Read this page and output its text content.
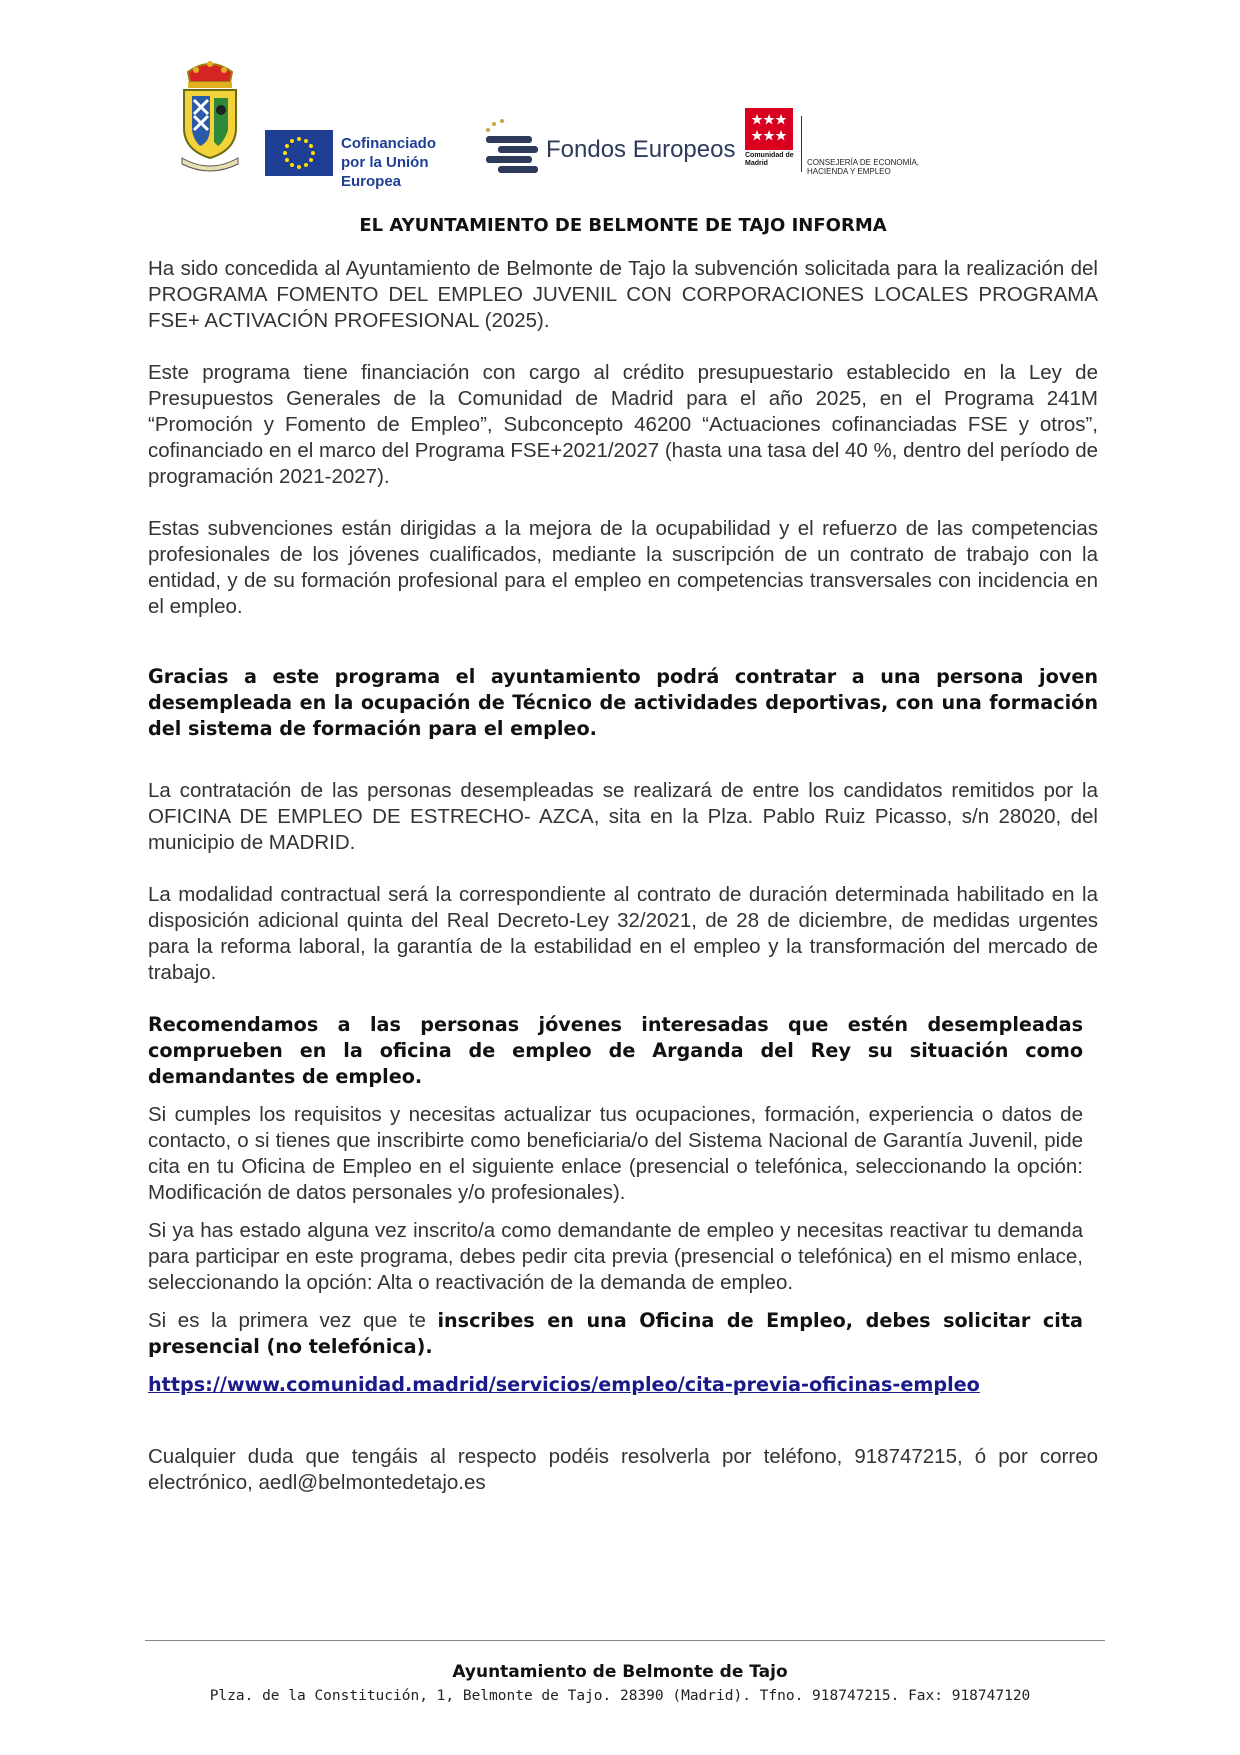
Cofinanciado por la Unión Europea
Fondos Europeos Comunidad de Madrid	CONSEJERÍA DE ECONOMÍA, HACIENDA Y EMPLEO
EL AYUNTAMIENTO DE BELMONTE DE TAJO INFORMA

Ha sido concedida al Ayuntamiento de Belmonte de Tajo la subvención solicitada para la realización del PROGRAMA FOMENTO DEL EMPLEO JUVENIL CON CORPORACIONES LOCALES PROGRAMA FSE+ ACTIVACIÓN PROFESIONAL (2025).

Este programa tiene financiación con cargo al crédito presupuestario establecido en la Ley de Presupuestos Generales de la Comunidad de Madrid para el año 2025, en el Programa 241M “Promoción y Fomento de Empleo”, Subconcepto 46200 “Actuaciones cofinanciadas FSE y otros”, cofinanciado en el marco del Programa FSE+2021/2027 (hasta una tasa del 40 %, dentro del período de programación 2021-2027).

Estas subvenciones están dirigidas a la mejora de la ocupabilidad y el refuerzo de las competencias profesionales de los jóvenes cualificados, mediante la suscripción de un contrato de trabajo con la entidad, y de su formación profesional para el empleo en competencias transversales con incidencia en el empleo.

Gracias a este programa el ayuntamiento podrá contratar a una persona joven desempleada en la ocupación de Técnico de actividades deportivas, con una formación del sistema de formación para el empleo.

La contratación de las personas desempleadas se realizará de entre los candidatos remitidos por la OFICINA DE EMPLEO DE ESTRECHO- AZCA, sita en la Plza. Pablo Ruiz Picasso, s/n 28020, del municipio de MADRID.

La modalidad contractual será la correspondiente al contrato de duración determinada habilitado en la disposición adicional quinta del Real Decreto-Ley 32/2021, de 28 de diciembre, de medidas urgentes para la reforma laboral, la garantía de la estabilidad en el empleo y la transformación del mercado de trabajo.

Recomendamos a las personas jóvenes interesadas que estén desempleadas comprueben en la oficina de empleo de Arganda del Rey su situación como demandantes de empleo.

Si cumples los requisitos y necesitas actualizar tus ocupaciones, formación, experiencia o datos de contacto, o si tienes que inscribirte como beneficiaria/o del Sistema Nacional de Garantía Juvenil, pide cita en tu Oficina de Empleo en el siguiente enlace (presencial o telefónica, seleccionando la opción: Modificación de datos personales y/o profesionales).

Si ya has estado alguna vez inscrito/a como demandante de empleo y necesitas reactivar tu demanda para participar en este programa, debes pedir cita previa (presencial o telefónica) en el mismo enlace, seleccionando la opción: Alta o reactivación de la demanda de empleo.

Si es la primera vez que te inscribes en una Oficina de Empleo, debes solicitar cita presencial (no telefónica).

https://www.comunidad.madrid/servicios/empleo/cita-previa-oficinas-empleo

Cualquier duda que tengáis al respecto podéis resolverla por teléfono, 918747215, ó por correo electrónico, aedl@belmontedetajo.es

Ayuntamiento de Belmonte de Tajo
Plza. de la Constitución, 1, Belmonte de Tajo. 28390 (Madrid). Tfno. 918747215. Fax: 918747120
